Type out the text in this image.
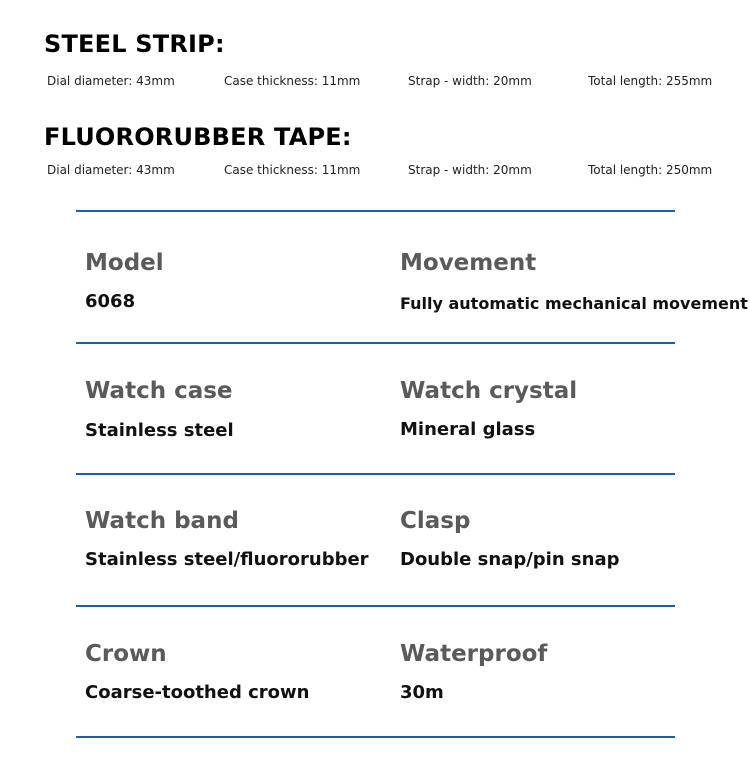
STEEL STRIP:
Dial diameter: 43mm	Case thickness: 11mm	Strap - width: 20mm	Total length: 255mm
FLUORORUBBER TAPE:
Dial diameter: 43mm	Case thickness: 11mm	Strap - width: 20mm	Total length: 250mm
Model
6068
Movement
Fully automatic mechanical movement
Watch case
Stainless steel
Watch crystal
Mineral glass
Watch band
Stainless steel/fluororubber
Clasp
Double snap/pin snap
Crown
Coarse-toothed crown
Waterproof
30m
